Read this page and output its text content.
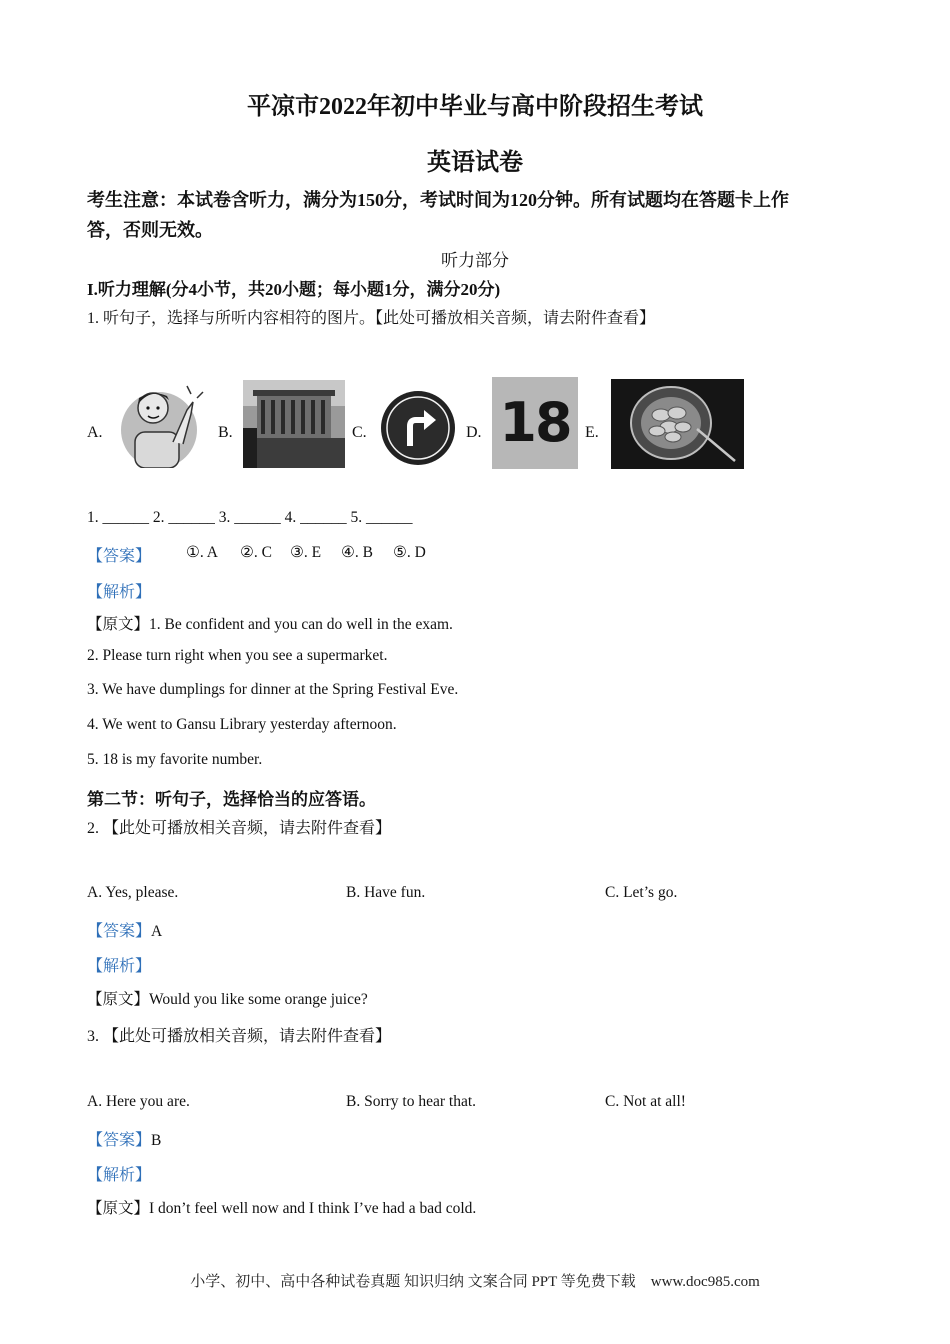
平凉市2022年初中毕业与高中阶段招生考试
英语试卷
考生注意：本试卷含听力，满分为150分，考试时间为120分钟。所有试题均在答题卡上作
答，否则无效。
听力部分
I.听力理解(分4小节，共20小题；每小题1分，满分20分)
1. 听句子，选择与所听内容相符的图片。【此处可播放相关音频，请去附件查看】
A.	B.	C.	D. 18 E.
1. ______ 2. ______ 3. ______ 4. ______ 5. ______
【答案】 ①. A ②. C ③. E ④. B ⑤. D
【解析】
【原文】1. Be confident and you can do well in the exam.
2. Please turn right when you see a supermarket.
3. We have dumplings for dinner at the Spring Festival Eve.
4. We went to Gansu Library yesterday afternoon.
5. 18 is my favorite number.
第二节：听句子，选择恰当的应答语。
2. 【此处可播放相关音频，请去附件查看】
A. Yes, please.	B. Have fun.	C. Let’s go.
【答案】A
【解析】
【原文】Would you like some orange juice?
3. 【此处可播放相关音频，请去附件查看】
A. Here you are.	B. Sorry to hear that.	C. Not at all!
【答案】B
【解析】
【原文】I don’t feel well now and I think I’ve had a bad cold.
小学、初中、高中各种试卷真题 知识归纳 文案合同 PPT 等免费下载 www.doc985.com
